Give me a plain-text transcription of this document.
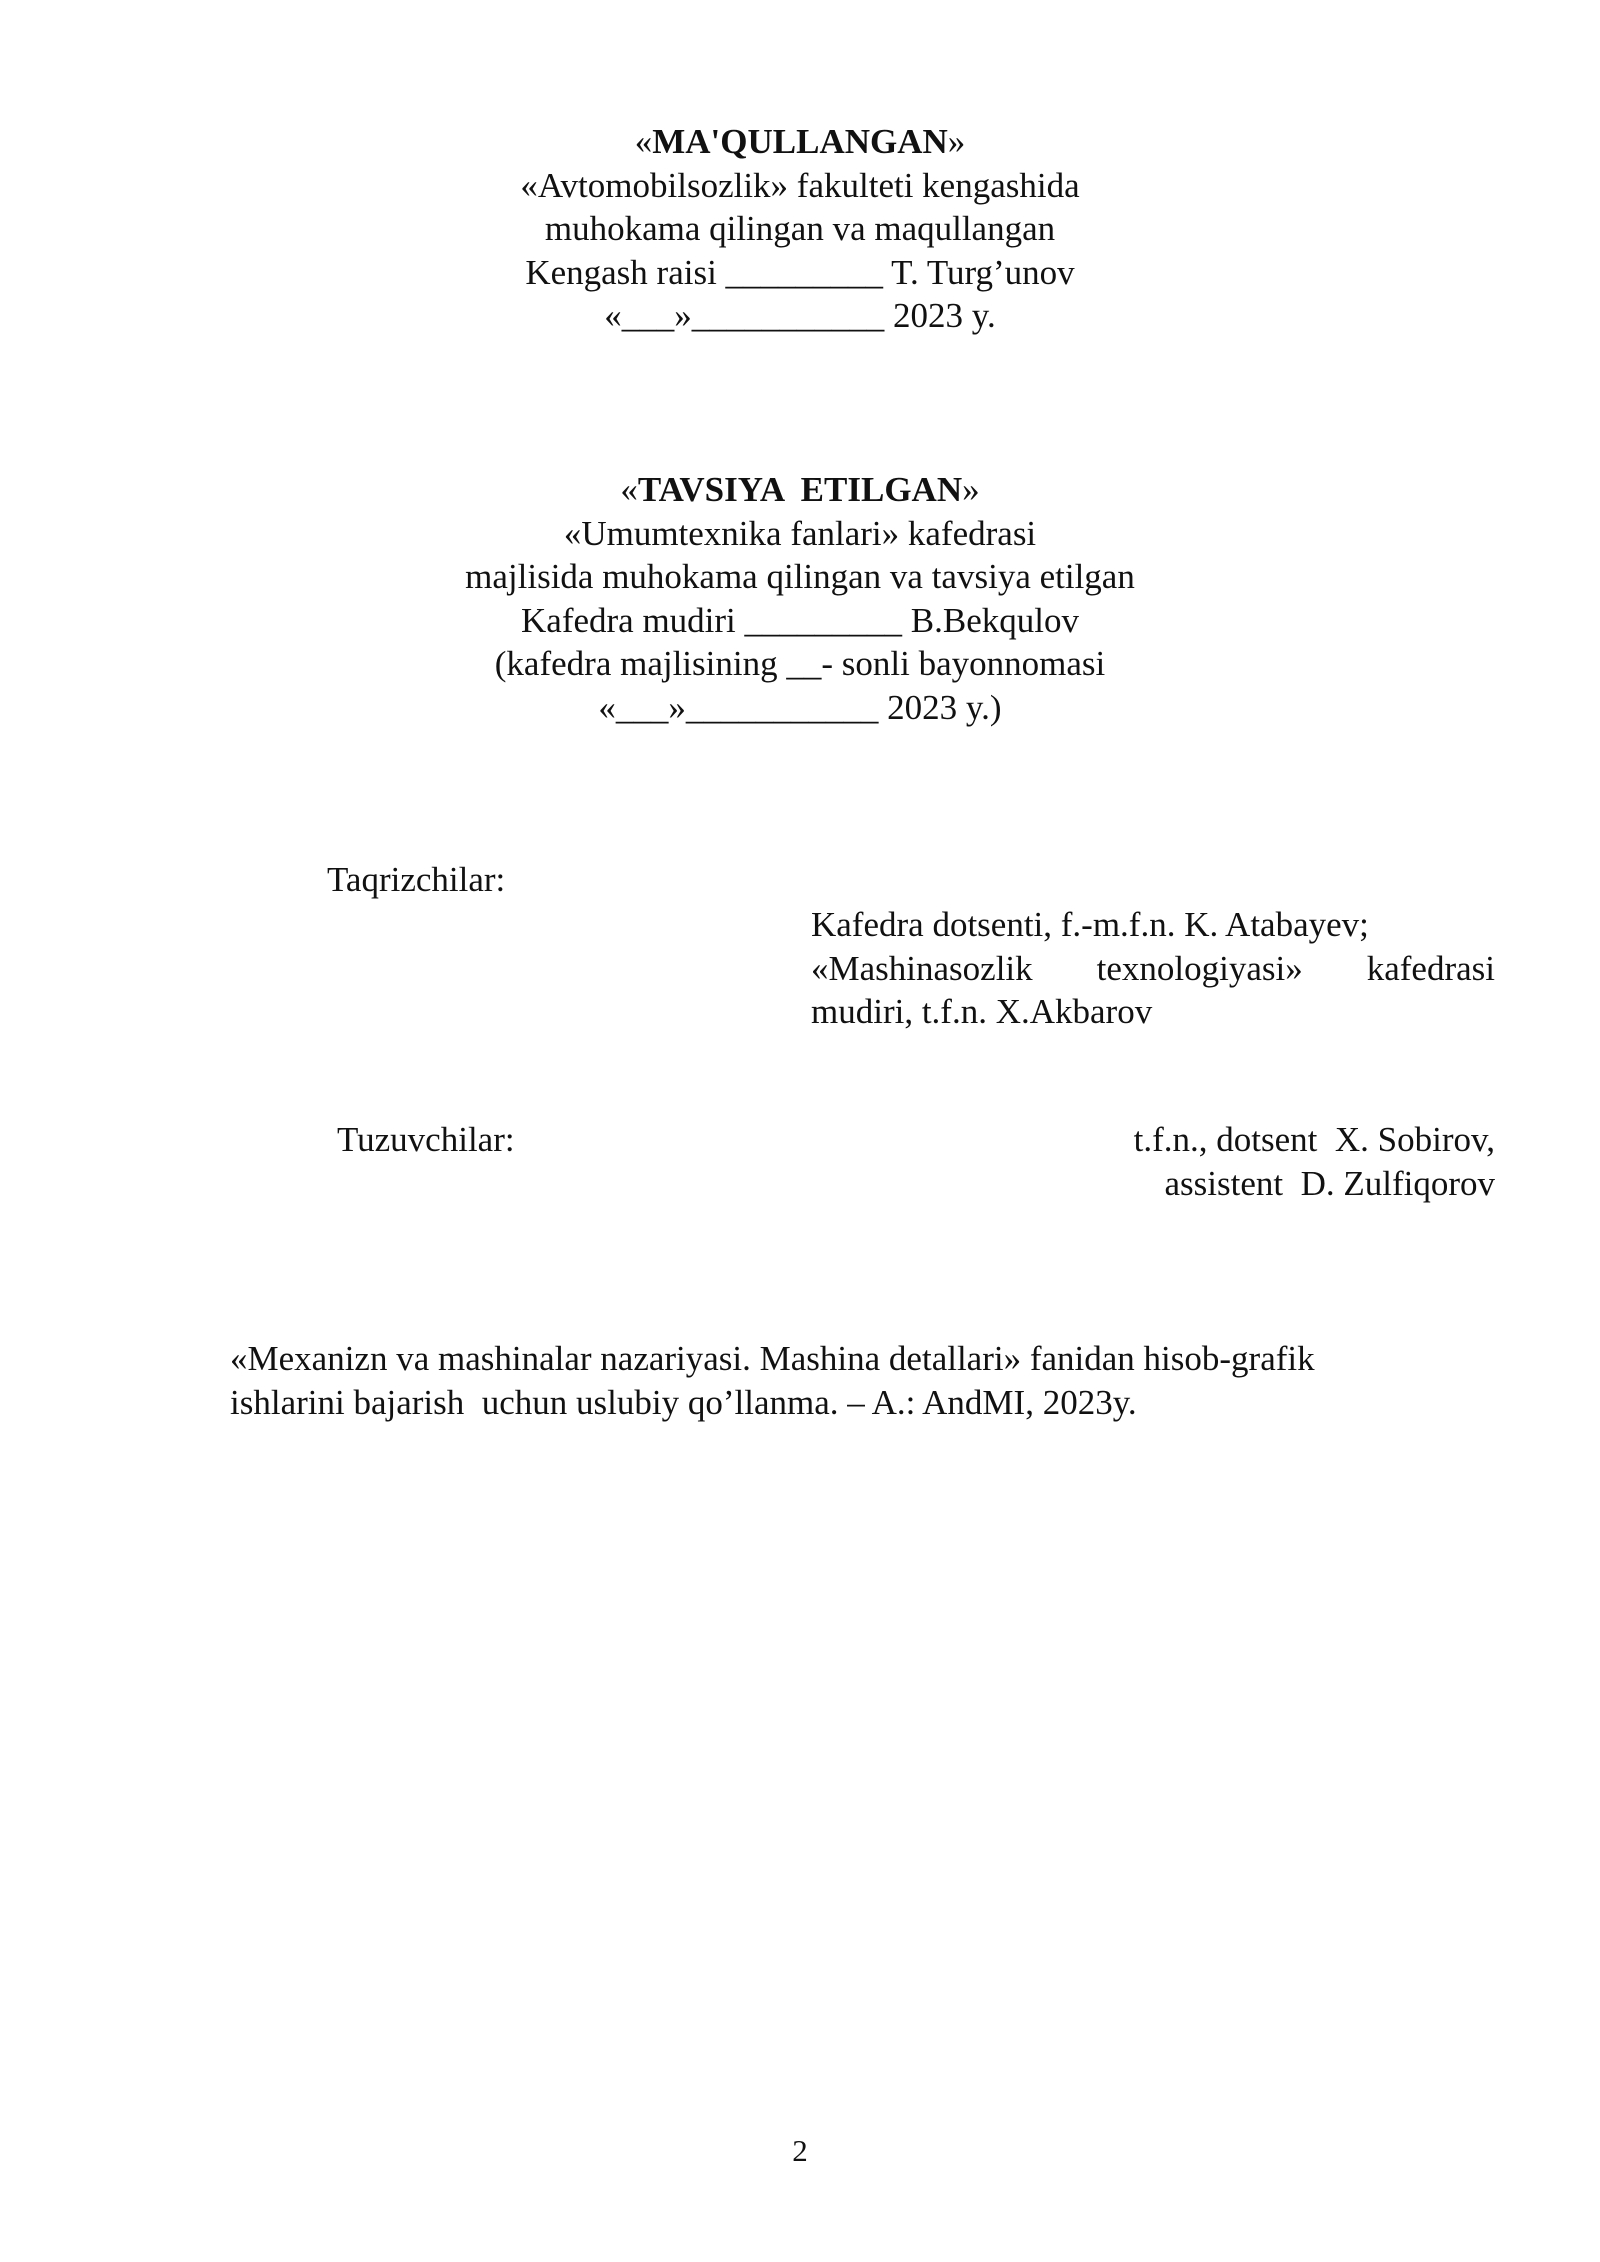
«MA'QULLANGAN»
«Avtomobilsozlik» fakulteti kengashida
muhokama qilingan va maqullangan
Kengash raisi _________ T. Turg’unov
«___»___________ 2023 y.
«TAVSIYA  ETILGAN»
«Umumtexnika fanlari» kafedrasi
majlisida muhokama qilingan va tavsiya etilgan
Kafedra mudiri _________ B.Bekqulov
(kafedra majlisining __- sonli bayonnomasi
«___»___________ 2023 y.)
Taqrizchilar:
Kafedra dotsenti, f.-m.f.n. K. Atabayev;
«Mashinasozlik texnologiyasi» kafedrasi
mudiri, t.f.n. X.Akbarov
Tuzuvchilar:	t.f.n., dotsent  X. Sobirov,
assistent  D. Zulfiqorov
«Mexanizn va mashinalar nazariyasi. Mashina detallari» fanidan hisob-grafik
ishlarini bajarish  uchun uslubiy qo’llanma. – A.: AndMI, 2023y.
2
